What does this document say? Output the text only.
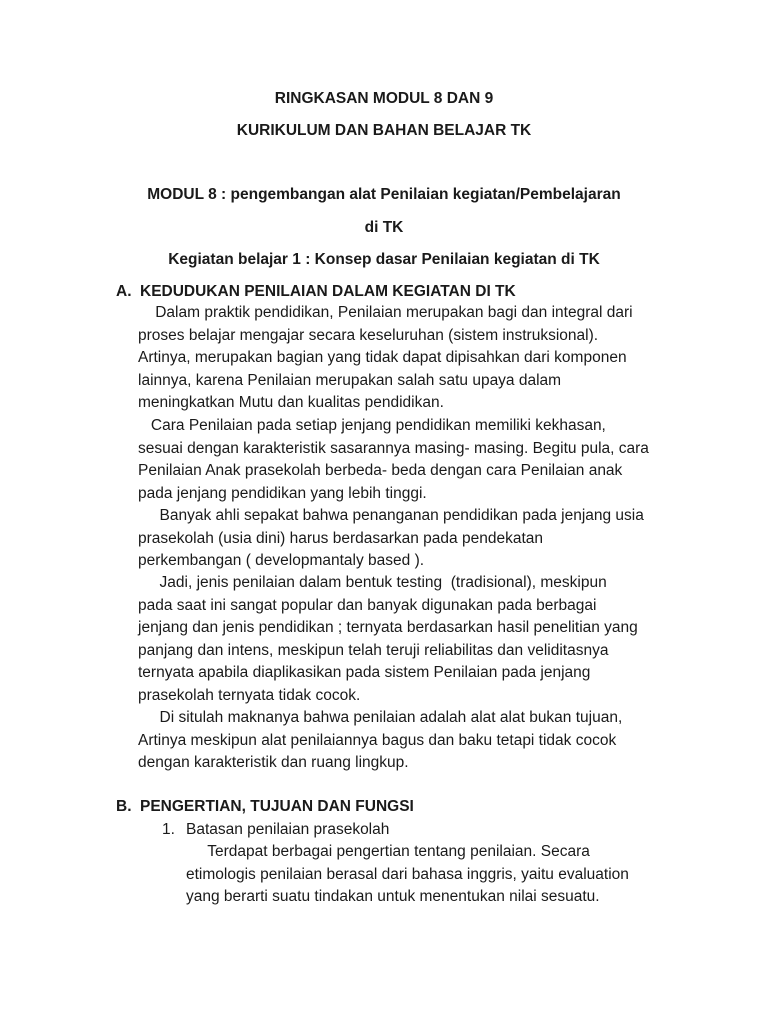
RINGKASAN MODUL 8 DAN 9
KURIKULUM DAN BAHAN BELAJAR TK
MODUL 8 : pengembangan alat Penilaian kegiatan/Pembelajaran
di TK
Kegiatan belajar 1 : Konsep dasar Penilaian kegiatan di TK
A. KEDUDUKAN PENILAIAN DALAM KEGIATAN DI TK
Dalam praktik pendidikan, Penilaian merupakan bagi dan integral dari
proses belajar mengajar secara keseluruhan (sistem instruksional).
Artinya, merupakan bagian yang tidak dapat dipisahkan dari komponen
lainnya, karena Penilaian merupakan salah satu upaya dalam
meningkatkan Mutu dan kualitas pendidikan.
Cara Penilaian pada setiap jenjang pendidikan memiliki kekhasan,
sesuai dengan karakteristik sasarannya masing- masing. Begitu pula, cara
Penilaian Anak prasekolah berbeda- beda dengan cara Penilaian anak
pada jenjang pendidikan yang lebih tinggi.
Banyak ahli sepakat bahwa penanganan pendidikan pada jenjang usia
prasekolah (usia dini) harus berdasarkan pada pendekatan
perkembangan ( developmantaly based ).
Jadi, jenis penilaian dalam bentuk testing  (tradisional), meskipun
pada saat ini sangat popular dan banyak digunakan pada berbagai
jenjang dan jenis pendidikan ; ternyata berdasarkan hasil penelitian yang
panjang dan intens, meskipun telah teruji reliabilitas dan veliditasnya
ternyata apabila diaplikasikan pada sistem Penilaian pada jenjang
prasekolah ternyata tidak cocok.
Di situlah maknanya bahwa penilaian adalah alat alat bukan tujuan,
Artinya meskipun alat penilaiannya bagus dan baku tetapi tidak cocok
dengan karakteristik dan ruang lingkup.
B. PENGERTIAN, TUJUAN DAN FUNGSI
1. Batasan penilaian prasekolah
Terdapat berbagai pengertian tentang penilaian. Secara
etimologis penilaian berasal dari bahasa inggris, yaitu evaluation
yang berarti suatu tindakan untuk menentukan nilai sesuatu.
